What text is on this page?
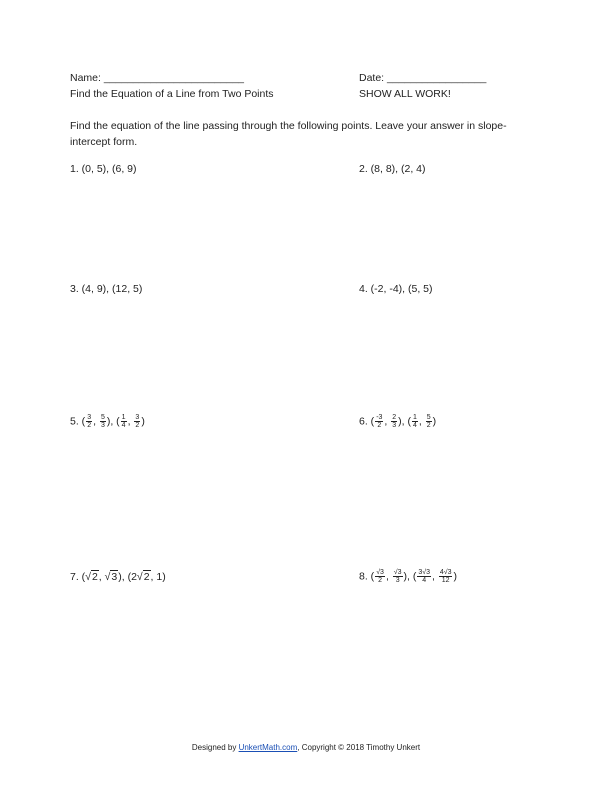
Name: ________________________	Date: _________________
Find the Equation of a Line from Two Points	SHOW ALL WORK!
Find the equation of the line passing through the following points. Leave your answer in slope-intercept form.
1. (0, 5), (6, 9)	2. (8, 8), (2, 4)
3. (4, 9), (12, 5)	4. (-2, -4), (5, 5)
5. ( $\frac{3}{2}$ , $\frac{5}{3}$ ), ( $\frac{1}{4}$ , $\frac{3}{2}$ )	6. ( $\frac{-3}{2}$ , $\frac{2}{3}$ ), ( $\frac{1}{4}$ , $\frac{5}{2}$ )
7. (√2, √3), (2√2, 1)	8. ( $\frac{√3}{2}$ , $\frac{√3}{3}$ ), ( $\frac{3√3}{4}$ , $\frac{4√3}{12}$ )
Designed by UnkertMath.com, Copyright © 2018 Timothy Unkert
